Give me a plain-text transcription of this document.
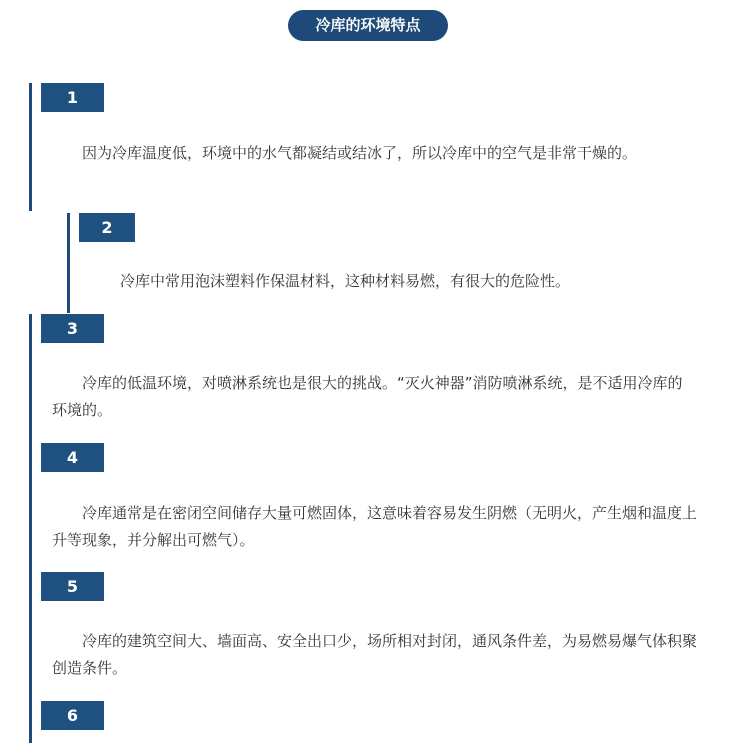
冷库的环境特点
1
因为冷库温度低，环境中的水气都凝结或结冰了，所以冷库中的空气是非常干燥的。
2
冷库中常用泡沫塑料作保温材料，这种材料易燃，有很大的危险性。
3
冷库的低温环境，对喷淋系统也是很大的挑战。“灭火神器”消防喷淋系统，是不适用冷库的环境的。
4
冷库通常是在密闭空间储存大量可燃固体，这意味着容易发生阴燃（无明火，产生烟和温度上升等现象，并分解出可燃气）。
5
冷库的建筑空间大、墙面高、安全出口少，场所相对封闭，通风条件差，为易燃易爆气体积聚创造条件。
6
